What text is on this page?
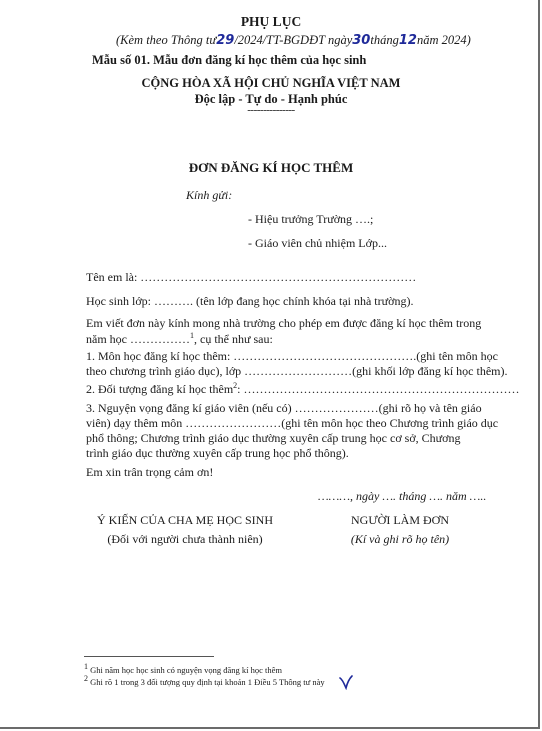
PHỤ LỤC
(Kèm theo Thông tư29/2024/TT-BGDĐT ngày30tháng12năm 2024)
Mẫu số 01. Mẫu đơn đăng kí học thêm của học sinh
CỘNG HÒA XÃ HỘI CHỦ NGHĨA VIỆT NAM
Độc lập - Tự do - Hạnh phúc
---------------
ĐƠN ĐĂNG KÍ HỌC THÊM
Kính gửi:
- Hiệu trưởng Trường ….;
- Giáo viên chủ nhiệm Lớp...
Tên em là: ……………………………………………………………
Học sinh lớp: ………. (tên lớp đang học chính khóa tại nhà trường).
Em viết đơn này kính mong nhà trường cho phép em được đăng kí học thêm trong
năm học ……………$^1$, cụ thể như sau:
1. Môn học đăng kí học thêm: ……………………………………….(ghi tên môn học
theo chương trình giáo dục), lớp ………………………(ghi khối lớp đăng kí học thêm).
2. Đối tượng đăng kí học thêm$^2$: ……………………………………………………………
3. Nguyện vọng đăng kí giáo viên (nếu có) …………………(ghi rõ họ và tên giáo
viên) dạy thêm môn ……………………(ghi tên môn học theo Chương trình giáo dục
phổ thông; Chương trình giáo dục thường xuyên cấp trung học cơ sở, Chương
trình giáo dục thường xuyên cấp trung học phổ thông).
Em xin trân trọng cảm ơn!
………, ngày …. tháng …. năm …..
Ý KIẾN CỦA CHA MẸ HỌC SINH
(Đối với người chưa thành niên)
NGƯỜI LÀM ĐƠN
(Kí và ghi rõ họ tên)
$^1$ Ghi năm học học sinh có nguyện vọng đăng kí học thêm
$^2$ Ghi rõ 1 trong 3 đối tượng quy định tại khoản 1 Điều 5 Thông tư này
